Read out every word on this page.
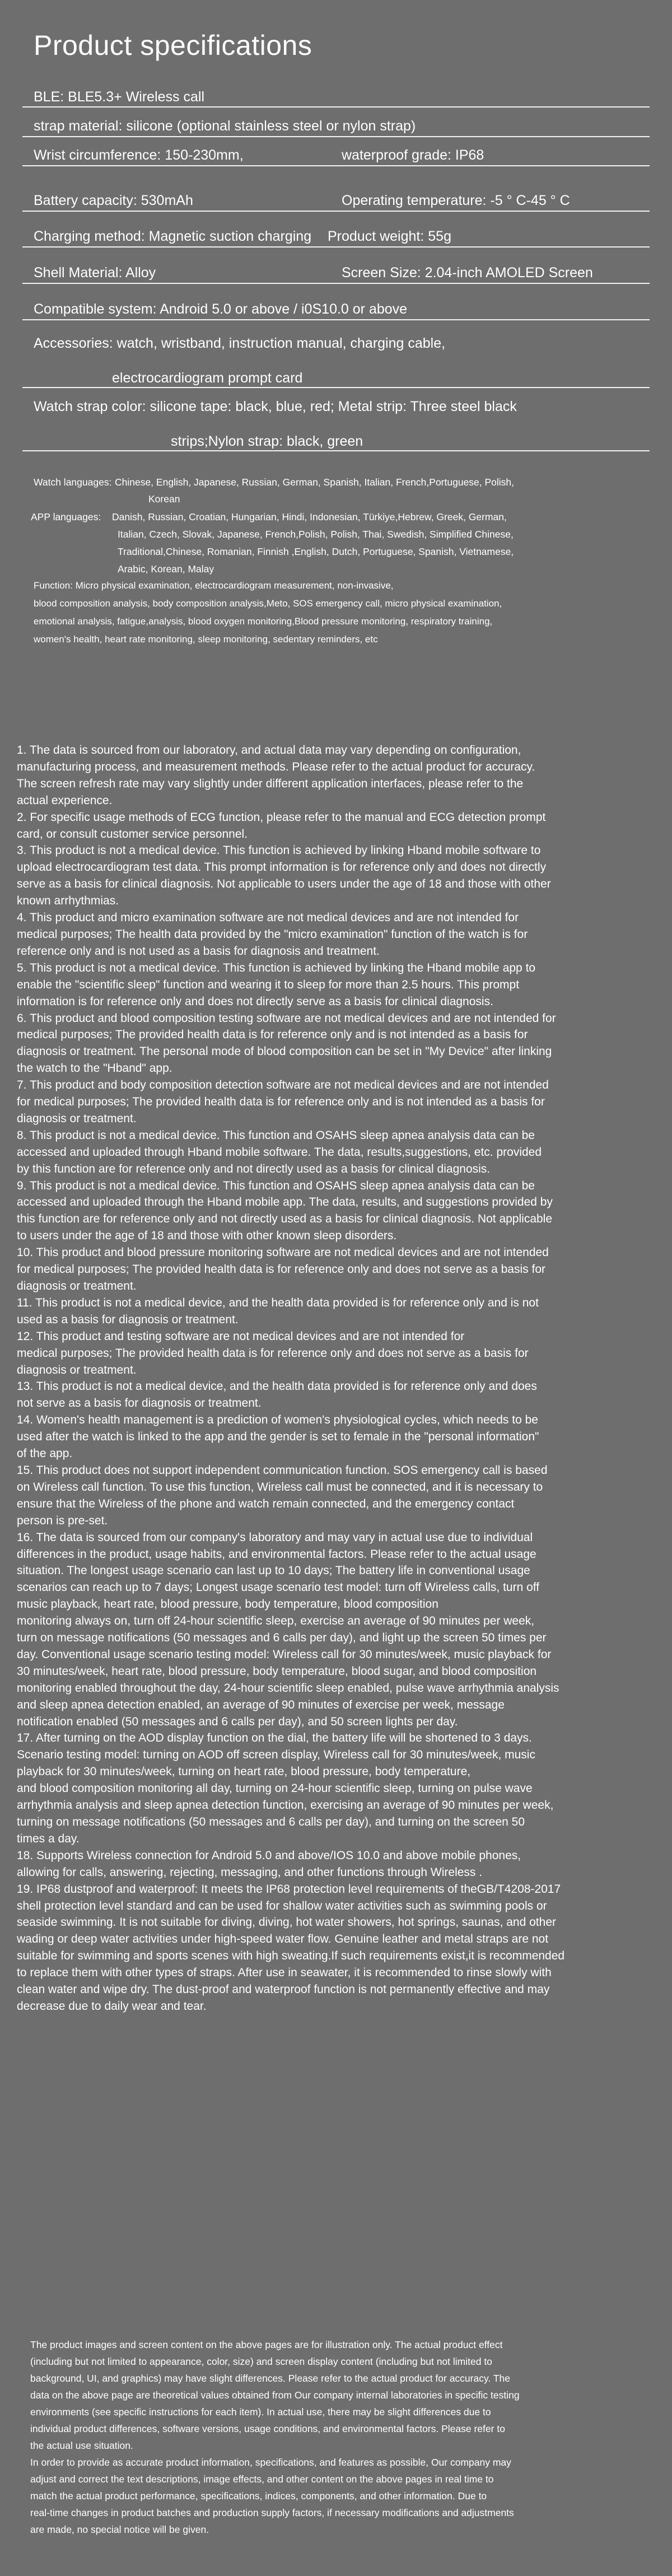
Product specifications
BLE: BLE5.3+ Wireless call
strap material: silicone (optional stainless steel or nylon strap)
Wrist circumference: 150-230mm,	waterproof grade: IP68
Battery capacity: 530mAh	Operating temperature: -5 ° C-45 ° C
Charging method: Magnetic suction charging Product weight: 55g
Shell Material: Alloy	Screen Size: 2.04-inch AMOLED Screen
Compatible system: Android 5.0 or above / i0S10.0 or above
Accessories: watch, wristband, instruction manual, charging cable,
electrocardiogram prompt card
Watch strap color: silicone tape: black, blue, red; Metal strip: Three steel black
strips;Nylon strap: black, green
Watch languages: Chinese, English, Japanese, Russian, German, Spanish, Italian, French,Portuguese, Polish,
Korean
APP languages: Danish, Russian, Croatian, Hungarian, Hindi, Indonesian, Türkiye,Hebrew, Greek, German,
Italian, Czech, Slovak, Japanese, French,Polish, Polish, Thai, Swedish, Simplified Chinese,
Traditional,Chinese, Romanian, Finnish ,English, Dutch, Portuguese, Spanish, Vietnamese,
Arabic, Korean, Malay
Function: Micro physical examination, electrocardiogram measurement, non-invasive,
blood composition analysis, body composition analysis,Meto, SOS emergency call, micro physical examination,
emotional analysis, fatigue,analysis, blood oxygen monitoring,Blood pressure monitoring, respiratory training,
women's health, heart rate monitoring, sleep monitoring, sedentary reminders, etc

1. The data is sourced from our laboratory, and actual data may vary depending on configuration,
manufacturing process, and measurement methods. Please refer to the actual product for accuracy.
The screen refresh rate may vary slightly under different application interfaces, please refer to the
actual experience.

2. For specific usage methods of ECG function, please refer to the manual and ECG detection prompt
card, or consult customer service personnel.

3. This product is not a medical device. This function is achieved by linking Hband mobile software to
upload electrocardiogram test data. This prompt information is for reference only and does not directly
serve as a basis for clinical diagnosis. Not applicable to users under the age of 18 and those with other
known arrhythmias.

4. This product and micro examination software are not medical devices and are not intended for
medical purposes; The health data provided by the "micro examination" function of the watch is for
reference only and is not used as a basis for diagnosis and treatment.

5. This product is not a medical device. This function is achieved by linking the Hband mobile app to
enable the "scientific sleep" function and wearing it to sleep for more than 2.5 hours. This prompt
information is for reference only and does not directly serve as a basis for clinical diagnosis.

6. This product and blood composition testing software are not medical devices and are not intended for
medical purposes; The provided health data is for reference only and is not intended as a basis for
diagnosis or treatment. The personal mode of blood composition can be set in "My Device" after linking
the watch to the "Hband" app.

7. This product and body composition detection software are not medical devices and are not intended
for medical purposes; The provided health data is for reference only and is not intended as a basis for
diagnosis or treatment.

8. This product is not a medical device. This function and OSAHS sleep apnea analysis data can be
accessed and uploaded through Hband mobile software. The data, results,suggestions, etc. provided
by this function are for reference only and not directly used as a basis for clinical diagnosis.

9. This product is not a medical device. This function and OSAHS sleep apnea analysis data can be
accessed and uploaded through the Hband mobile app. The data, results, and suggestions provided by
this function are for reference only and not directly used as a basis for clinical diagnosis. Not applicable
to users under the age of 18 and those with other known sleep disorders.

10. This product and blood pressure monitoring software are not medical devices and are not intended
for medical purposes; The provided health data is for reference only and does not serve as a basis for
diagnosis or treatment.

11. This product is not a medical device, and the health data provided is for reference only and is not
used as a basis for diagnosis or treatment.

12. This product and testing software are not medical devices and are not intended for
medical purposes; The provided health data is for reference only and does not serve as a basis for
diagnosis or treatment.

13. This product is not a medical device, and the health data provided is for reference only and does
not serve as a basis for diagnosis or treatment.

14. Women's health management is a prediction of women's physiological cycles, which needs to be
used after the watch is linked to the app and the gender is set to female in the "personal information"
of the app.

15. This product does not support independent communication function. SOS emergency call is based
on Wireless call function. To use this function, Wireless call must be connected, and it is necessary to
ensure that the Wireless of the phone and watch remain connected, and the emergency contact
person is pre-set.

16. The data is sourced from our company's laboratory and may vary in actual use due to individual
differences in the product, usage habits, and environmental factors. Please refer to the actual usage
situation. The longest usage scenario can last up to 10 days; The battery life in conventional usage
scenarios can reach up to 7 days; Longest usage scenario test model: turn off Wireless calls, turn off
music playback, heart rate, blood pressure, body temperature, blood composition
monitoring always on, turn off 24-hour scientific sleep, exercise an average of 90 minutes per week,
turn on message notifications (50 messages and 6 calls per day), and light up the screen 50 times per
day. Conventional usage scenario testing model: Wireless call for 30 minutes/week, music playback for
30 minutes/week, heart rate, blood pressure, body temperature, blood sugar, and blood composition
monitoring enabled throughout the day, 24-hour scientific sleep enabled, pulse wave arrhythmia analysis
and sleep apnea detection enabled, an average of 90 minutes of exercise per week, message
notification enabled (50 messages and 6 calls per day), and 50 screen lights per day.

17. After turning on the AOD display function on the dial, the battery life will be shortened to 3 days.
Scenario testing model: turning on AOD off screen display, Wireless call for 30 minutes/week, music
playback for 30 minutes/week, turning on heart rate, blood pressure, body temperature,
and blood composition monitoring all day, turning on 24-hour scientific sleep, turning on pulse wave
arrhythmia analysis and sleep apnea detection function, exercising an average of 90 minutes per week,
turning on message notifications (50 messages and 6 calls per day), and turning on the screen 50
times a day.

18. Supports Wireless connection for Android 5.0 and above/IOS 10.0 and above mobile phones,
allowing for calls, answering, rejecting, messaging, and other functions through Wireless .

19. IP68 dustproof and waterproof: It meets the IP68 protection level requirements of theGB/T4208-2017
shell protection level standard and can be used for shallow water activities such as swimming pools or
seaside swimming. It is not suitable for diving, diving, hot water showers, hot springs, saunas, and other
wading or deep water activities under high-speed water flow. Genuine leather and metal straps are not
suitable for swimming and sports scenes with high sweating.If such requirements exist,it is recommended
to replace them with other types of straps. After use in seawater, it is recommended to rinse slowly with
clean water and wipe dry. The dust-proof and waterproof function is not permanently effective and may
decrease due to daily wear and tear.

The product images and screen content on the above pages are for illustration only. The actual product effect
(including but not limited to appearance, color, size) and screen display content (including but not limited to
background, UI, and graphics) may have slight differences. Please refer to the actual product for accuracy. The
data on the above page are theoretical values obtained from Our company internal laboratories in specific testing
environments (see specific instructions for each item). In actual use, there may be slight differences due to
individual product differences, software versions, usage conditions, and environmental factors. Please refer to
the actual use situation.
In order to provide as accurate product information, specifications, and features as possible, Our company may
adjust and correct the text descriptions, image effects, and other content on the above pages in real time to
match the actual product performance, specifications, indices, components, and other information. Due to
real-time changes in product batches and production supply factors, if necessary modifications and adjustments
are made, no special notice will be given.
